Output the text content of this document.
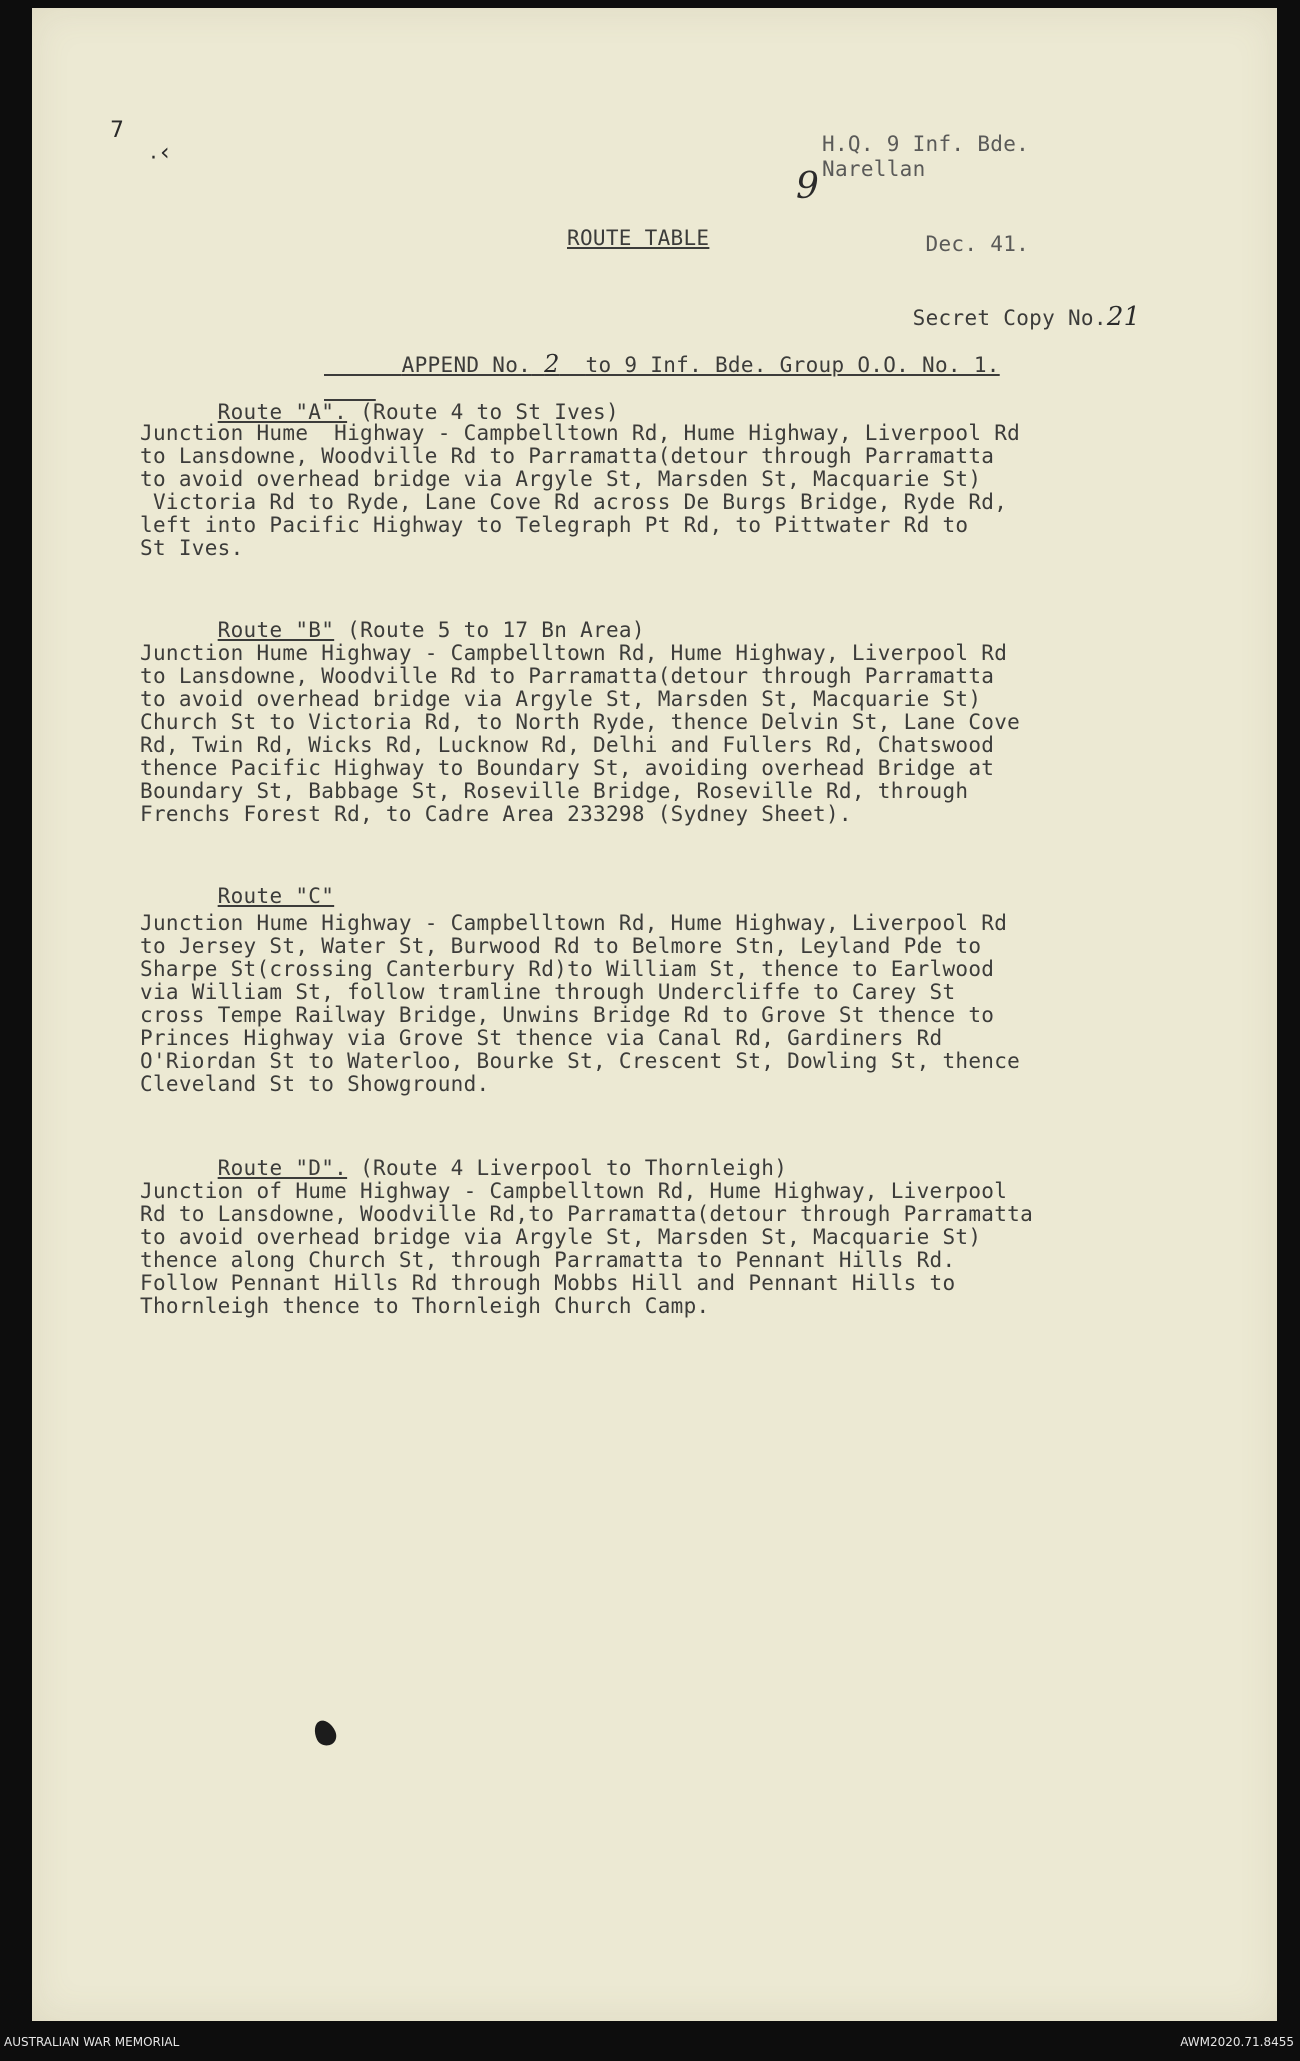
7
· ‹	H.Q. 9 Inf. Bde.
Narellan

9

Dec. 41.

ROUTE TABLE

Secret Copy No.21

APPEND No. 2 to 9 Inf. Bde. Group O.O. No. 1.

Route "A". (Route 4 to St Ives)

Junction Hume  Highway - Campbelltown Rd, Hume Highway, Liverpool Rd
to Lansdowne, Woodville Rd to Parramatta(detour through Parramatta
to avoid overhead bridge via Argyle St, Marsden St, Macquarie St)
Victoria Rd to Ryde, Lane Cove Rd across De Burgs Bridge, Ryde Rd,
left into Pacific Highway to Telegraph Pt Rd, to Pittwater Rd to
St Ives.

Route "B" (Route 5 to 17 Bn Area)

Junction Hume Highway - Campbelltown Rd, Hume Highway, Liverpool Rd
to Lansdowne, Woodville Rd to Parramatta(detour through Parramatta
to avoid overhead bridge via Argyle St, Marsden St, Macquarie St)
Church St to Victoria Rd, to North Ryde, thence Delvin St, Lane Cove
Rd, Twin Rd, Wicks Rd, Lucknow Rd, Delhi and Fullers Rd, Chatswood
thence Pacific Highway to Boundary St, avoiding overhead Bridge at
Boundary St, Babbage St, Roseville Bridge, Roseville Rd, through
Frenchs Forest Rd, to Cadre Area 233298 (Sydney Sheet).

Route "C"

Junction Hume Highway - Campbelltown Rd, Hume Highway, Liverpool Rd
to Jersey St, Water St, Burwood Rd to Belmore Stn, Leyland Pde to
Sharpe St(crossing Canterbury Rd)to William St, thence to Earlwood
via William St, follow tramline through Undercliffe to Carey St
cross Tempe Railway Bridge, Unwins Bridge Rd to Grove St thence to
Princes Highway via Grove St thence via Canal Rd, Gardiners Rd
O'Riordan St to Waterloo, Bourke St, Crescent St, Dowling St, thence
Cleveland St to Showground.

Route "D". (Route 4 Liverpool to Thornleigh)

Junction of Hume Highway - Campbelltown Rd, Hume Highway, Liverpool
Rd to Lansdowne, Woodville Rd,to Parramatta(detour through Parramatta
to avoid overhead bridge via Argyle St, Marsden St, Macquarie St)
thence along Church St, through Parramatta to Pennant Hills Rd.
Follow Pennant Hills Rd through Mobbs Hill and Pennant Hills to
Thornleigh thence to Thornleigh Church Camp.
AUSTRALIAN WAR MEMORIAL	AWM2020.71.8455
